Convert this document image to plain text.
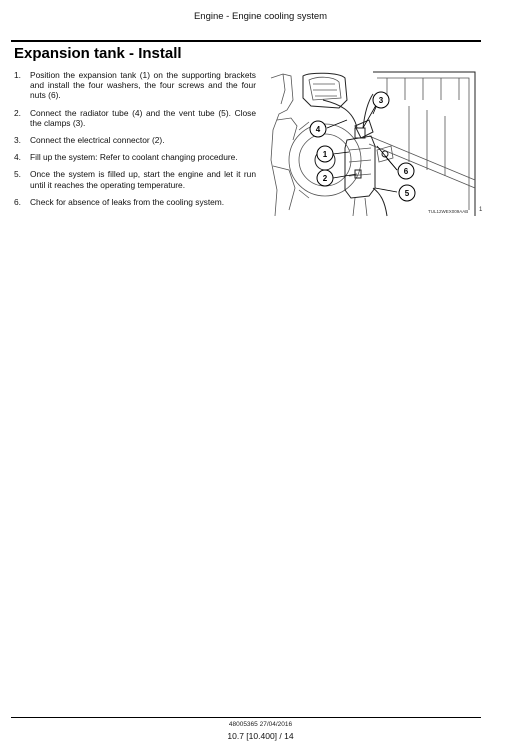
Engine - Engine cooling system
Expansion tank - Install
1.	Position the expansion tank (1) on the supporting brackets and install the four washers, the four screws and the four nuts (6).
2.	Connect the radiator tube (4) and the vent tube (5). Close the clamps (3).
3.	Connect the electrical connector (2).
4.	Fill up the system: Refer to coolant changing procedure.
5.	Once the system is filled up, start the engine and let it run until it reaches the operating temperature.
6.	Check for absence of leaks from the cooling system.
3
4
1
6
2
5
TUL12WEX009AAB 1
48005365 27/04/2016
10.7 [10.400] / 14
